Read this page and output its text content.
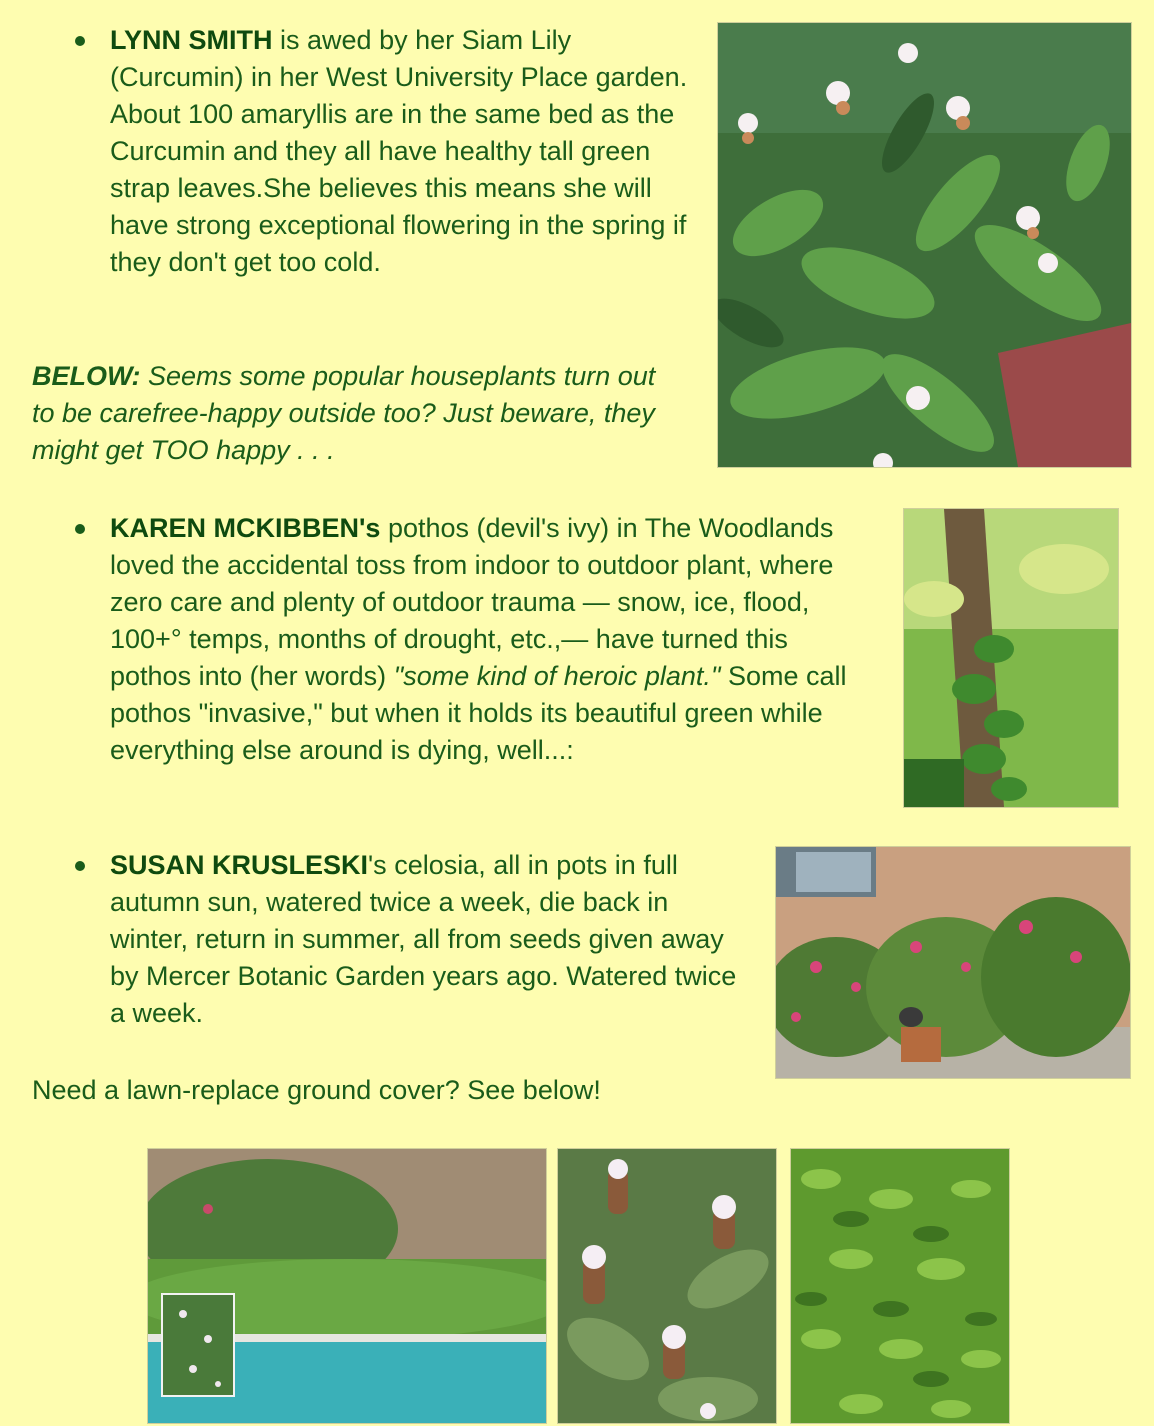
LYNN SMITH is awed by her Siam Lily (Curcumin) in her West University Place garden. About 100 amaryllis are in the same bed as the Curcumin and they all have healthy tall green strap leaves.She believes this means she will have strong exceptional flowering in the spring if they don't get too cold.

BELOW: Seems some popular houseplants turn out to be carefree-happy outside too? Just beware, they might get TOO happy . . .

KAREN MCKIBBEN's pothos (devil's ivy) in The Woodlands loved the accidental toss from indoor to outdoor plant, where zero care and plenty of outdoor trauma — snow, ice, flood, 100+° temps, months of drought, etc.,— have turned this pothos into (her words) "some kind of heroic plant." Some call pothos "invasive," but when it holds its beautiful green while everything else around is dying, well...:

SUSAN KRUSLESKI's celosia, all in pots in full autumn sun, watered twice a week, die back in winter, return in summer, all from seeds given away by Mercer Botanic Garden years ago. Watered twice a week.

Need a lawn-replace ground cover? See below!
